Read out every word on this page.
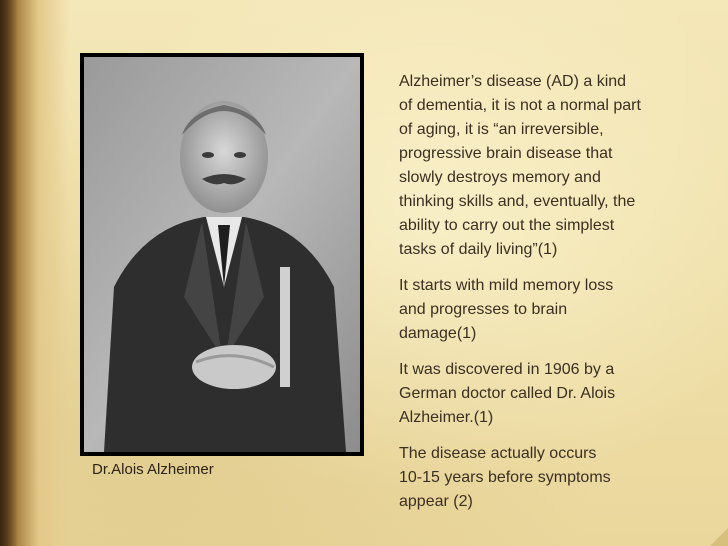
Dr.Alois Alzheimer

Alzheimer’s disease (AD) a kind
of dementia, it is not a normal part
of aging, it is “an irreversible,
progressive brain disease that
slowly destroys memory and
thinking skills and, eventually, the
ability to carry out the simplest
tasks of daily living”(1)

It starts with mild memory loss
and progresses to brain
damage(1)

It was discovered in 1906 by a
German doctor called Dr. Alois
Alzheimer.(1)

The disease actually occurs
10-15 years before symptoms
appear (2)
